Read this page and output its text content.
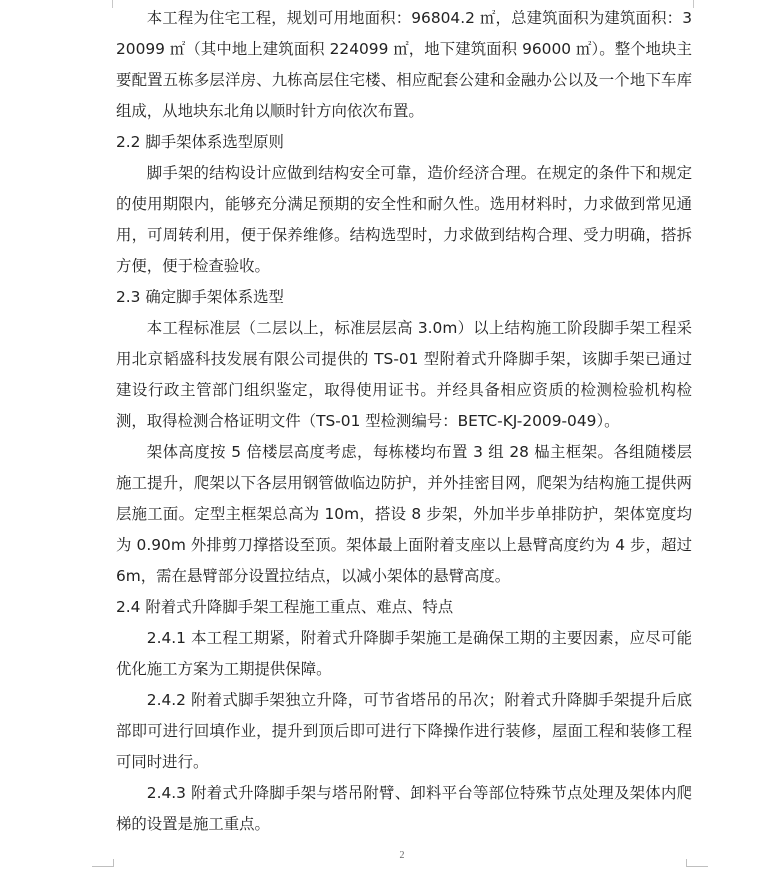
本工程为住宅工程，规划可用地面积：96804.2 ㎡，总建筑面积为建筑面积：320099 ㎡（其中地上建筑面积 224099 ㎡，地下建筑面积 96000 ㎡）。整个地块主要配置五栋多层洋房、九栋高层住宅楼、相应配套公建和金融办公以及一个地下车库组成，从地块东北角以顺时针方向依次布置。

2.2 脚手架体系选型原则

脚手架的结构设计应做到结构安全可靠，造价经济合理。在规定的条件下和规定的使用期限内，能够充分满足预期的安全性和耐久性。选用材料时，力求做到常见通用，可周转利用，便于保养维修。结构选型时，力求做到结构合理、受力明确，搭拆方便，便于检查验收。

2.3 确定脚手架体系选型

本工程标准层（二层以上，标准层层高 3.0m）以上结构施工阶段脚手架工程采用北京韬盛科技发展有限公司提供的 TS-01 型附着式升降脚手架，该脚手架已通过建设行政主管部门组织鉴定，取得使用证书。并经具备相应资质的检测检验机构检测，取得检测合格证明文件（TS-01 型检测编号：BETC-KJ-2009-049）。

架体高度按 5 倍楼层高度考虑，每栋楼均布置 3 组 28 榀主框架。各组随楼层施工提升，爬架以下各层用钢管做临边防护，并外挂密目网，爬架为结构施工提供两层施工面。定型主框架总高为 10m，搭设 8 步架，外加半步单排防护，架体宽度均为 0.90m 外排剪刀撑搭设至顶。架体最上面附着支座以上悬臂高度约为 4 步，超过 6m，需在悬臂部分设置拉结点，以减小架体的悬臂高度。

2.4 附着式升降脚手架工程施工重点、难点、特点

2.4.1 本工程工期紧，附着式升降脚手架施工是确保工期的主要因素，应尽可能优化施工方案为工期提供保障。

2.4.2 附着式脚手架独立升降，可节省塔吊的吊次；附着式升降脚手架提升后底部即可进行回填作业，提升到顶后即可进行下降操作进行装修，屋面工程和装修工程可同时进行。

2.4.3 附着式升降脚手架与塔吊附臂、卸料平台等部位特殊节点处理及架体内爬梯的设置是施工重点。

2
